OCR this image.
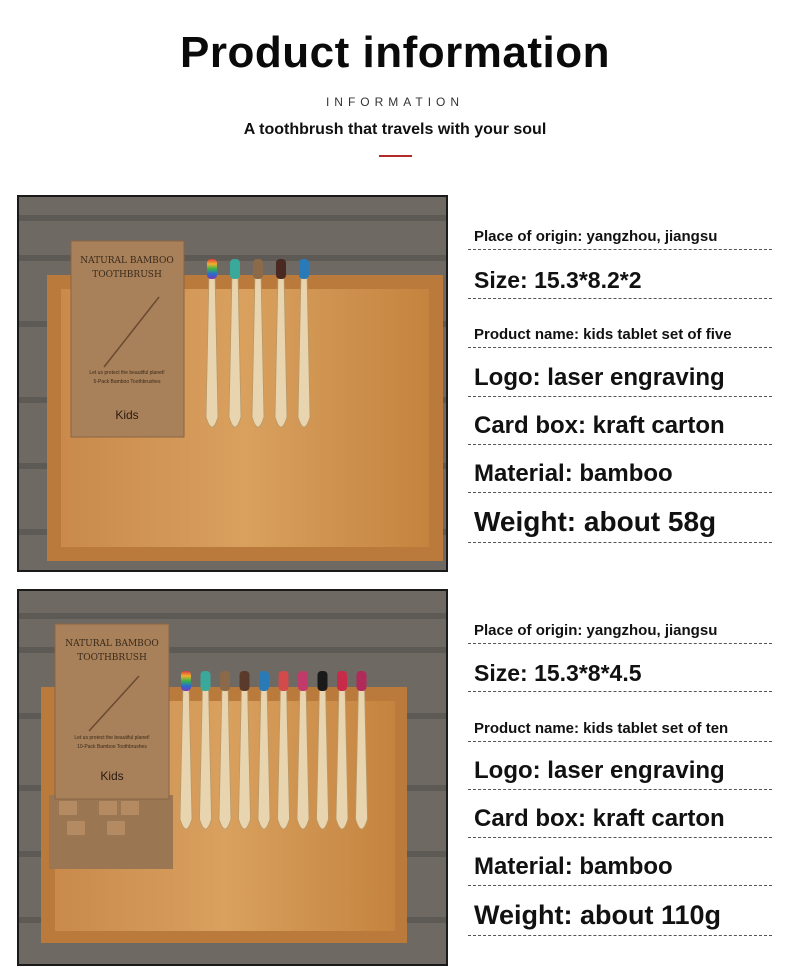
Product information
INFORMATION
A toothbrush that travels with your soul
NATURAL BAMBOO
TOOTHBRUSH
Let us protect the beautiful planet!
5-Pack Bamboo Toothbrushes
Kids
Place of origin: yangzhou, jiangsu
Size: 15.3*8.2*2
Product name: kids tablet set of five
Logo: laser engraving
Card box: kraft carton
Material: bamboo
Weight: about 58g
NATURAL BAMBOO
TOOTHBRUSH
Let us protect the beautiful planet!
10-Pack Bamboo Toothbrushes
Kids
Place of origin: yangzhou, jiangsu
Size: 15.3*8*4.5
Product name: kids tablet set of ten
Logo: laser engraving
Card box: kraft carton
Material: bamboo
Weight: about 110g
